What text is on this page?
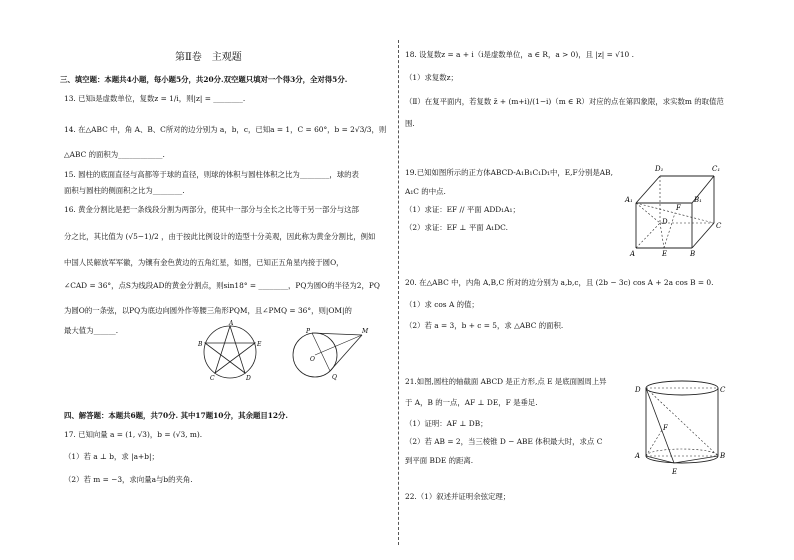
第Ⅱ卷　主观题
三、填空题：本题共4小题，每小题5分，共20分.双空题只填对一个得3分，全对得5分.
13. 已知i是虚数单位，复数z = 1/i，则|z| = ________.
14. 在△ABC 中，角 A、B、C所对的边分别为 a，b，c，已知a = 1，C = 60°，b = 2√3/3，则
△ABC 的面积为____________.
15. 圆柱的底面直径与高都等于球的直径，则球的体积与圆柱体积之比为________，球的表
面积与圆柱的侧面积之比为________.
16. 黄金分割比是把一条线段分割为两部分，使其中一部分与全长之比等于另一部分与这部
分之比，其比值为 (√5−1)/2 ，由于按此比例设计的造型十分美观，因此称为黄金分割比，例如
中国人民解放军军徽，为镶有金色黄边的五角红星，如图，已知正五角星内接于圆O，
∠CAD = 36°，点S为线段AD的黄金分割点，则sin18° = ________，PQ为圆O的半径为2，PQ
为圆O的一条弦，以PQ为底边向圆外作等腰三角形PQM，且∠PMQ = 36°，则|OM|的
最大值为______.
四、解答题：本题共6题，共70分. 其中17题10分，其余题目12分.
17. 已知向量 a = (1, √3)，b = (√3, m).
（1）若 a ⊥ b，求 |a+b|；
（2）若 m = −3，求向量a与b的夹角.
A
B	E
C	D
P	M
O
Q
18. 设复数z = a + i（i是虚数单位，a ∈ R，a > 0)，且 |z| = √10 .
（1）求复数z；
（Ⅱ）在复平面内，若复数 z̄ + (m+i)/(1−i)（m ∈ R）对应的点在第四象限，求实数m 的取值范
围.
19.已知如图所示的正方体ABCD-A₁B₁C₁D₁中，E,F分别是AB,
A₁C 的中点.
（1）求证：EF // 平面 ADD₁A₁；
（2）求证：EF ⊥ 平面 A₁DC.
20. 在△ABC 中，内角 A,B,C 所对的边分别为 a,b,c，且 (2b − 3c) cos A + 2a cos B = 0.
（1）求 cos A 的值；
（2）若 a = 3，b + c = 5，求 △ABC 的面积.
21.如图,圆柱的轴截面 ABCD 是正方形,点 E 是底面圆周上异
于 A，B 的一点，AF ⊥ DE，F 是垂足.
（1）证明：AF ⊥ DB；
（2）若 AB = 2，当三棱锥 D − ABE 体积最大时，求点 C
到平面 BDE 的距离.
22.（1）叙述并证明余弦定理；
D₁	C₁
A₁	B₁
F
D	C
A	E	B
D	C
F
A	B
E
